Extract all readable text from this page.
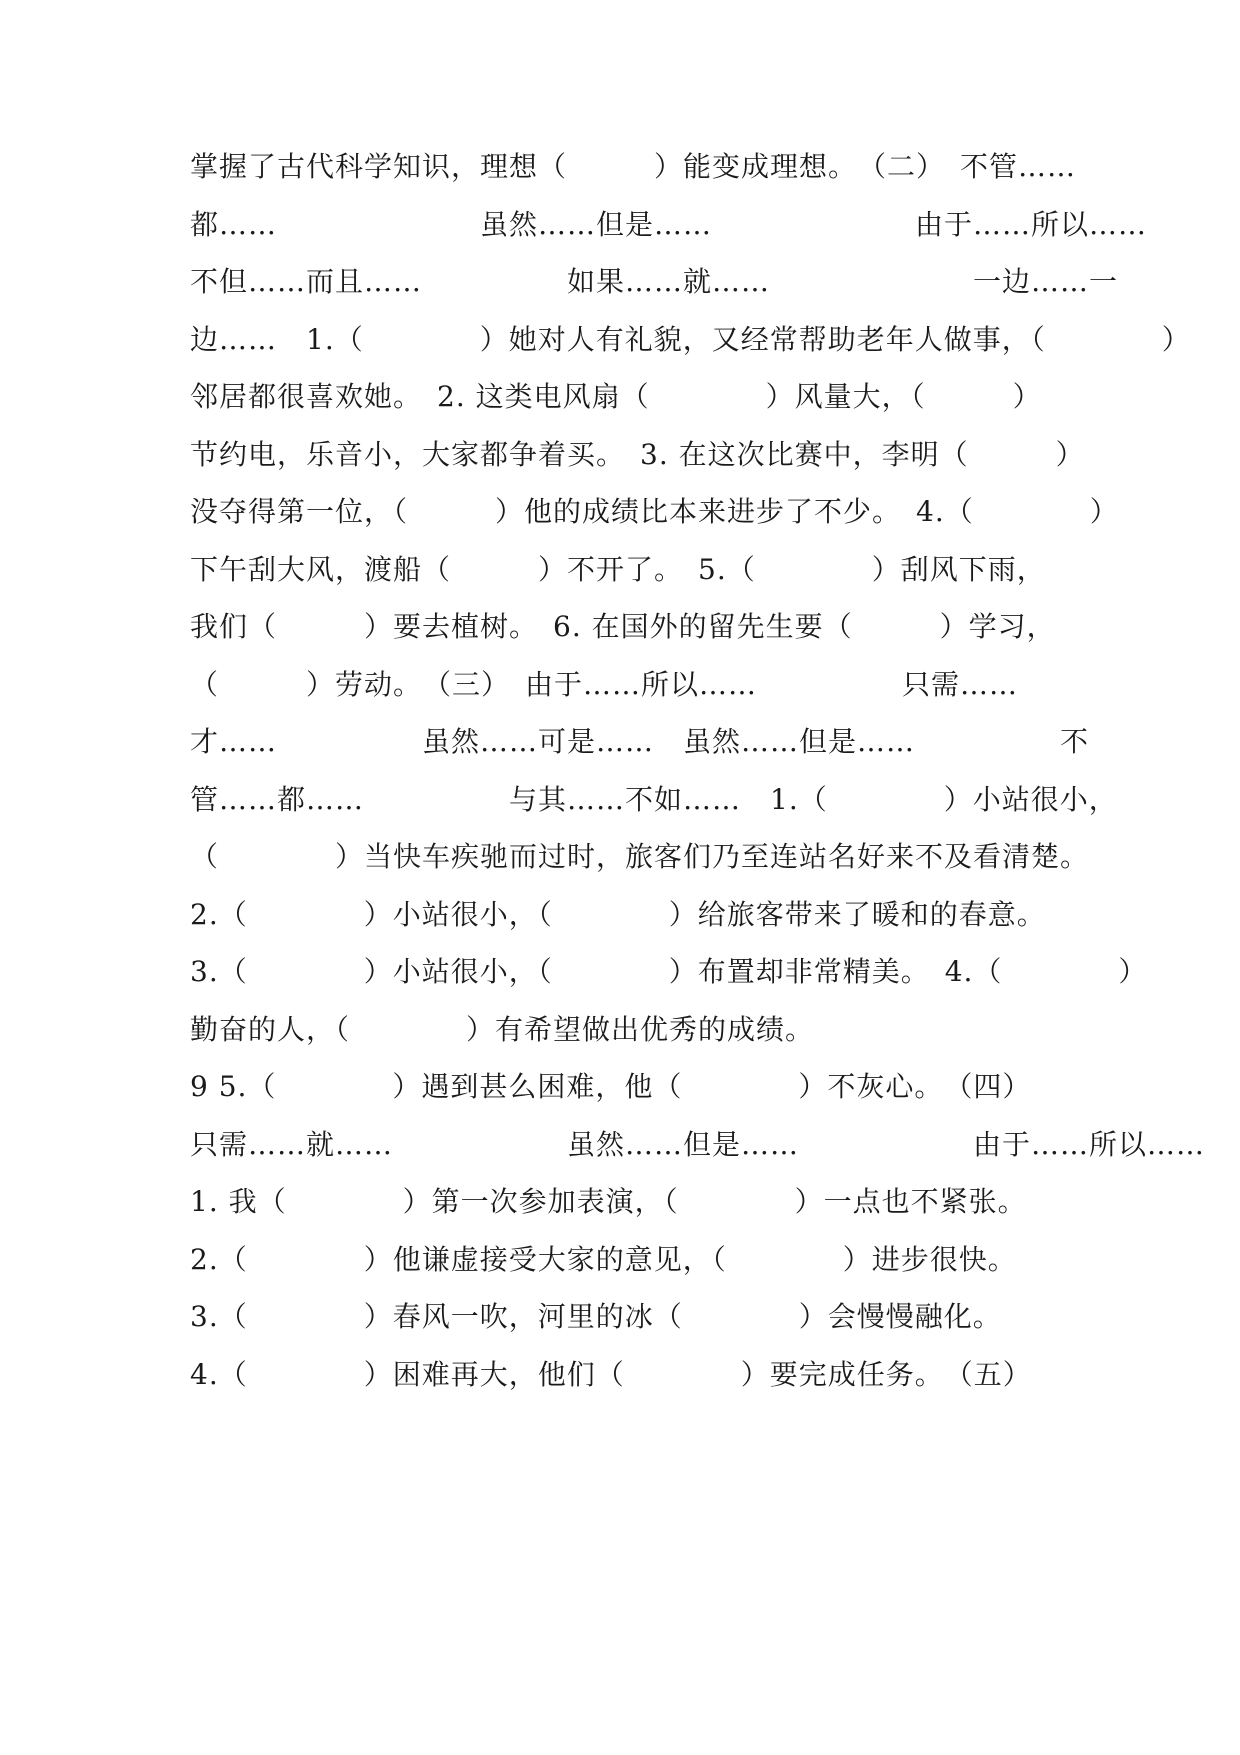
掌握了古代科学知识，理想（　　　）能变成理想。　（二）　不管……
都……　　　　　　　虽然……但是……　　　　　　　由于……所以……
不但……而且……　　　　　如果……就……　　　　　　　一边……一
边……　1.（　　　　）她对人有礼貌，又经常帮助老年人做事，（　　　　）
邻居都很喜欢她。　2. 这类电风扇（　　　　）风量大，（　　　）
节约电，乐音小，大家都争着买。　3. 在这次比赛中，李明（　　　）
没夺得第一位，（　　　）他的成绩比本来进步了不少。　4.（　　　　）
下午刮大风，渡船（　　　）不开了。　5.（　　　　）刮风下雨，
我们（　　　）要去植树。　6. 在国外的留先生要（　　　）学习，
（　　　）劳动。　（三）　由于……所以……　　　　　只需……
才……　　　　　虽然……可是……　虽然……但是……　　　　　不
管……都……　　　　　与其……不如……　1.（　　　　）小站很小，
（　　　　）当快车疾驰而过时，旅客们乃至连站名好来不及看清楚。
2.（　　　　）小站很小，（　　　　）给旅客带来了暖和的春意。
3.（　　　　）小站很小，（　　　　）布置却非常精美。　4.（　　　　）
勤奋的人，（　　　　）有希望做出优秀的成绩。
9 5.（　　　　）遇到甚么困难，他（　　　　）不灰心。　（四）
只需……就……　　　　　　虽然……但是……　　　　　　由于……所以……
1. 我（　　　　）第一次参加表演，（　　　　）一点也不紧张。
2.（　　　　）他谦虚接受大家的意见，（　　　　）进步很快。
3.（　　　　）春风一吹，河里的冰（　　　　）会慢慢融化。
4.（　　　　）困难再大，他们（　　　　）要完成任务。　（五）
